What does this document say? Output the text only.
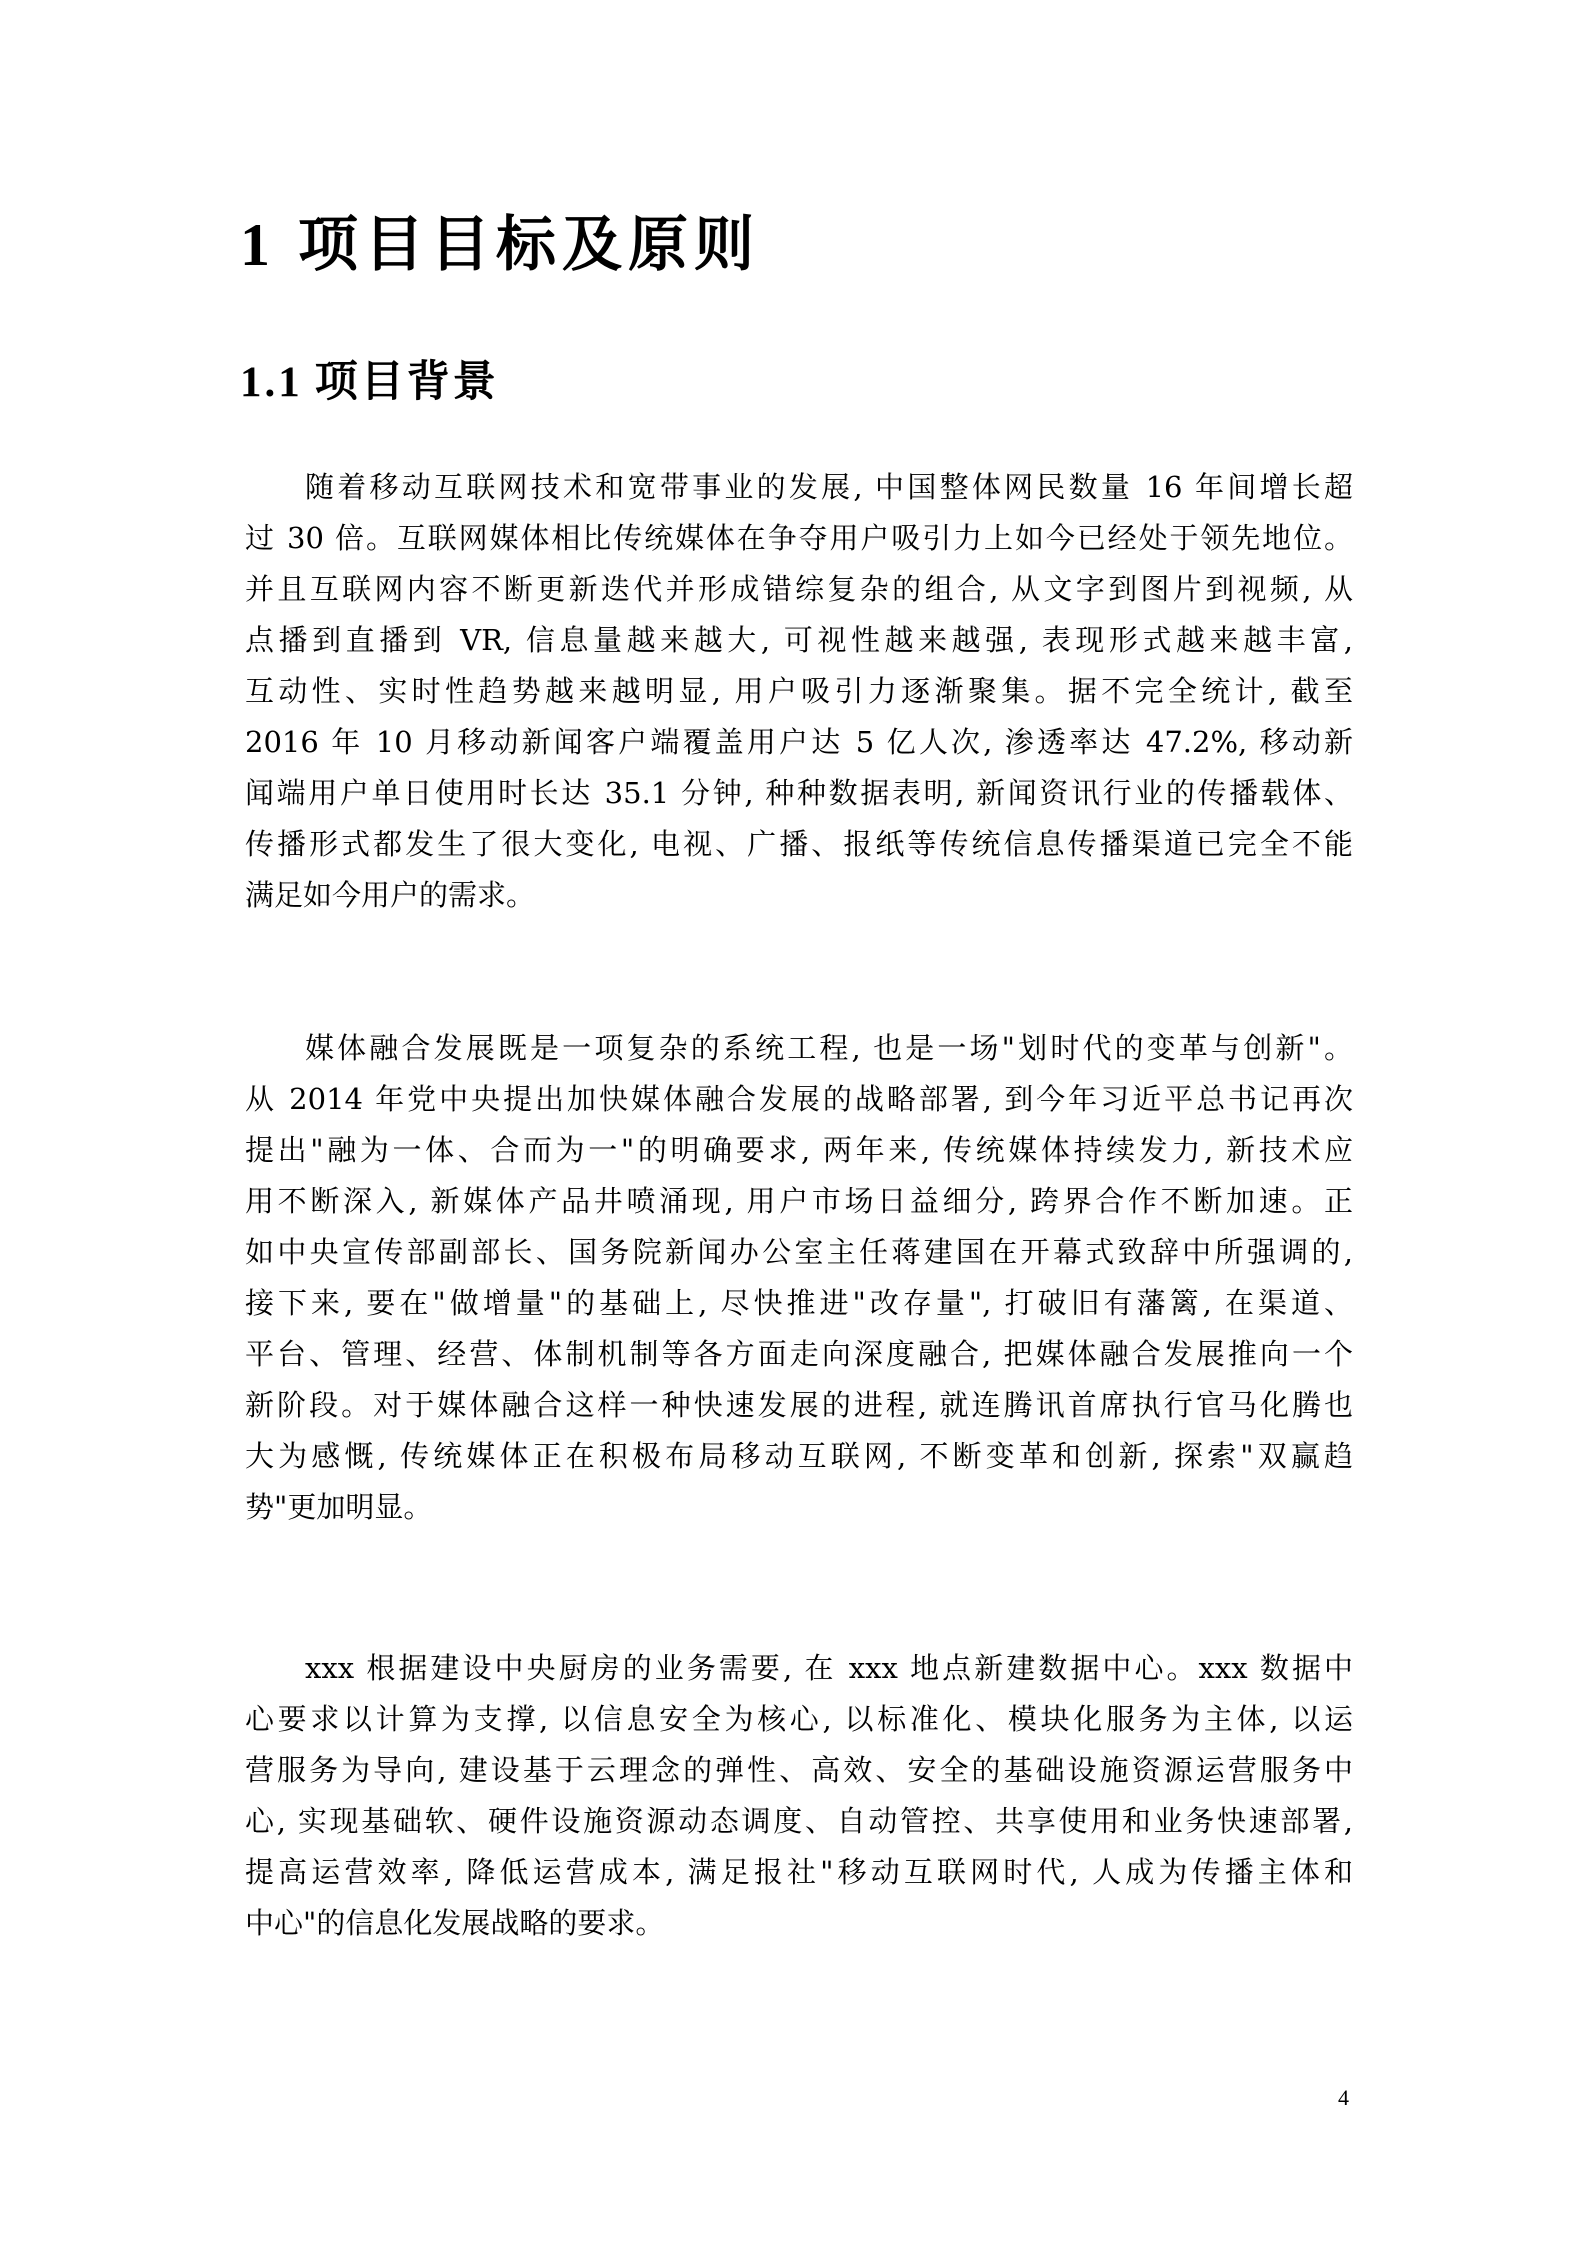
1 项目目标及原则
1.1 项目背景
随着移动互联网技术和宽带事业的发展, 中国整体网民数量 16 年间增长超
过 30 倍。互联网媒体相比传统媒体在争夺用户吸引力上如今已经处于领先地位。
并且互联网内容不断更新迭代并形成错综复杂的组合, 从文字到图片到视频, 从
点播到直播到 VR, 信息量越来越大, 可视性越来越强, 表现形式越来越丰富,
互动性、实时性趋势越来越明显, 用户吸引力逐渐聚集。据不完全统计, 截至
2016 年 10 月移动新闻客户端覆盖用户达 5 亿人次, 渗透率达 47.2%, 移动新
闻端用户单日使用时长达 35.1 分钟, 种种数据表明, 新闻资讯行业的传播载体、
传播形式都发生了很大变化, 电视、广播、报纸等传统信息传播渠道已完全不能
满足如今用户的需求。
媒体融合发展既是一项复杂的系统工程, 也是一场"划时代的变革与创新"。
从 2014 年党中央提出加快媒体融合发展的战略部署, 到今年习近平总书记再次
提出"融为一体、合而为一"的明确要求, 两年来, 传统媒体持续发力, 新技术应
用不断深入, 新媒体产品井喷涌现, 用户市场日益细分, 跨界合作不断加速。正
如中央宣传部副部长、国务院新闻办公室主任蒋建国在开幕式致辞中所强调的,
接下来, 要在"做增量"的基础上, 尽快推进"改存量", 打破旧有藩篱, 在渠道、
平台、管理、经营、体制机制等各方面走向深度融合, 把媒体融合发展推向一个
新阶段。对于媒体融合这样一种快速发展的进程, 就连腾讯首席执行官马化腾也
大为感慨, 传统媒体正在积极布局移动互联网, 不断变革和创新, 探索"双赢趋
势"更加明显。
xxx 根据建设中央厨房的业务需要, 在 xxx 地点新建数据中心。xxx 数据中
心要求以计算为支撑, 以信息安全为核心, 以标准化、模块化服务为主体, 以运
营服务为导向, 建设基于云理念的弹性、高效、安全的基础设施资源运营服务中
心, 实现基础软、硬件设施资源动态调度、自动管控、共享使用和业务快速部署,
提高运营效率, 降低运营成本, 满足报社"移动互联网时代, 人成为传播主体和
中心"的信息化发展战略的要求。
4
